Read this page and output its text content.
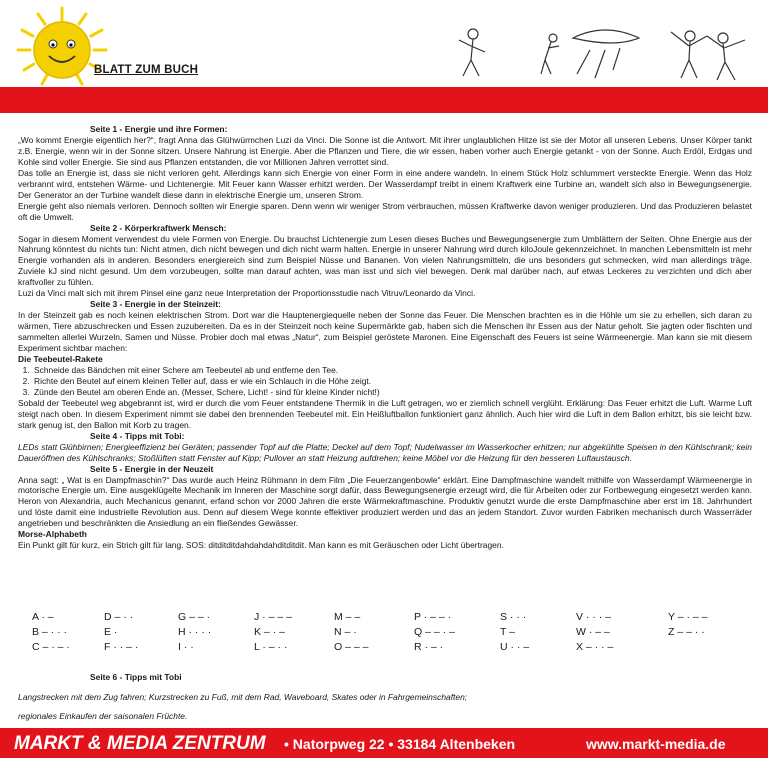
BLATT ZUM BUCH

Seite 1 - Energie und ihre Formen:

„Wo kommt Energie eigentlich her?“, fragt Anna das Glühwürmchen Luzi da Vinci. Die Sonne ist die Antwort. Mit ihrer unglaublichen Hitze ist sie der Motor all unseren Lebens. Unser Körper tankt z.B. Energie, wenn wir in der Sonne sitzen. Unsere Nahrung ist Energie. Aber die Pflanzen und Tiere, die wir essen, haben vorher auch Energie getankt - von der Sonne. Auch Erdöl, Erdgas und Kohle sind voller Energie. Sie sind aus Pflanzen entstanden, die vor Millionen Jahren verrottet sind.

Das tolle an Energie ist, dass sie nicht verloren geht. Allerdings kann sich Energie von einer Form in eine andere wandeln. In einem Stück Holz schlummert versteckte Energie. Wenn das Holz verbrannt wird, entstehen Wärme- und Lichtenergie. Mit Feuer kann Wasser erhitzt werden. Der Wasserdampf treibt in einem Kraftwerk eine Turbine an, wandelt sich also in Bewegungsenergie. Der Generator an der Turbine wandelt diese dann in elektrische Energie um, unseren Strom.

Energie geht also niemals verloren. Dennoch sollten wir Energie sparen. Denn wenn wir weniger Strom verbrauchen, müssen Kraftwerke davon weniger produzieren. Und das Produzieren belastet oft die Umwelt.

Seite 2 - Körperkraftwerk Mensch:

Sogar in diesem Moment verwendest du viele Formen von Energie. Du brauchst Lichtenergie zum Lesen dieses Buches und Bewegungsenergie zum Umblättern der Seiten. Ohne Energie aus der Nahrung könntest du nichts tun: Nicht atmen, dich nicht bewegen und dich nicht warm halten. Energie in unserer Nahrung wird durch kiloJoule gekennzeichnet. In manchen Lebensmitteln ist mehr Energie vorhanden als in anderen. Besonders energiereich sind zum Beispiel Nüsse und Bananen. Von vielen Nahrungsmitteln, die uns besonders gut schmecken, wird man allerdings träge. Zuviele kJ sind nicht gesund. Um dem vorzubeugen, sollte man darauf achten, was man isst und sich viel bewegen. Denk mal darüber nach, auf etwas Leckeres zu verzichten und dich aber kraftvoller zu fühlen.

Luzi da Vinci malt sich mit ihrem Pinsel eine ganz neue Interpretation der Proportionsstudie nach Vitruv/Leonardo da Vinci.

Seite 3 - Energie in der Steinzeit:

In der Steinzeit gab es noch keinen elektrischen Strom. Dort war die Hauptenergiequelle neben der Sonne das Feuer. Die Menschen brachten es in die Höhle um sie zu erhellen, sich daran zu wärmen, Tiere abzuschrecken und Essen zuzubereiten. Da es in der Steinzeit noch keine Supermärkte gab, haben sich die Menschen ihr Essen aus der Natur geholt. Sie jagten oder fischten und sammelten allerlei Wurzeln, Samen und Nüsse. Probier doch mal etwas „Natur“, zum Beispiel geröstete Maronen. Eine Eigenschaft des Feuers ist seine Wärmeenergie. Man kann sie mit diesem Experiment sichtbar machen:

Die Teebeutel-Rakete

1. Schneide das Bändchen mit einer Schere am Teebeutel ab und entferne den Tee.
2. Richte den Beutel auf einem kleinen Teller auf, dass er wie ein Schlauch in die Höhe zeigt.
3. Zünde den Beutel am oberen Ende an. (Messer, Schere, Licht! - sind für kleine Kinder nicht!)

Sobald der Teebeutel weg abgebrannt ist, wird er durch die vom Feuer entstandene Thermik in die Luft getragen, wo er ziemlich schnell verglüht. Erklärung: Das Feuer erhitzt die Luft. Warme Luft steigt nach oben. In diesem Experiment nimmt sie dabei den brennenden Teebeutel mit. Ein Heißluftballon funktioniert ganz ähnlich. Auch hier wird die Luft in dem Ballon erhitzt, bis sie leicht bzw. stark genug ist, den Ballon mit Korb zu tragen.

Seite 4 - Tipps mit Tobi:

LEDs statt Glühbirnen; Energieeffizienz bei Geräten; passender Topf auf die Platte; Deckel auf dem Topf; Nudelwasser im Wasserkocher erhitzen; nur abgekühlte Speisen in den Kühlschrank; kein Daueröffnen des Kühlschranks; Stoßlüften statt Fenster auf Kipp; Pullover an statt Heizung aufdrehen; keine Möbel vor die Heizung für den besseren Luftaustausch.

Seite 5 - Energie in der Neuzeit

Anna sagt: „ Wat is en Dampfmaschin?“ Das wurde auch Heinz Rühmann in dem Film „Die Feuerzangenbowle“ erklärt. Eine Dampfmaschine wandelt mithilfe von Wasserdampf Wärmeenergie in motorische Energie um. Eine ausgeklügelte Mechanik im Inneren der Maschine sorgt dafür, dass Bewegungsenergie erzeugt wird, die für Arbeiten oder zur Fortbewegung eingesetzt werden kann. Heron von Alexandria, auch Mechanicus genannt, erfand schon vor 2000 Jahren die erste Wärmekraftmaschine. Produktiv genutzt wurde die erste Dampfmaschine aber erst im 18. Jahrhundert und löste damit eine industrielle Revolution aus. Denn auf diesem Wege konnte effektiver produziert werden und das an jedem Standort. Zuvor wurden Fabriken mechanisch durch Wasserräder angetrieben und beschränkten die Ansiedlung an ein fließendes Gewässer.

Morse-Alphabeth

Ein Punkt gilt für kurz, ein Strich gilt für lang. SOS: ditditditdahdahdahditditdit. Man kann es mit Geräuschen oder Licht übertragen.

A · –
B – · · ·
C – · – ·
D – · ·
E ·
F · · – ·
G – – ·
H · · · ·
I · ·
J · – – –
K – · –
L · – · ·
M – –
N – ·
O – – –
P · – – ·
Q – – · –
R · – ·
S · · ·
T –
U · · –
V · · · –
W · – –
X – · · –
Y – · – –
Z – – · ·

Seite 6 - Tipps mit Tobi

Langstrecken mit dem Zug fahren; Kurzstrecken zu Fuß, mit dem Rad, Waveboard, Skates oder in Fahrgemeinschaften;

regionales Einkaufen der saisonalen Früchte.

MARKT & MEDIA ZENTRUM • Natorpweg 22 • 33184 Altenbeken	www.markt-media.de
